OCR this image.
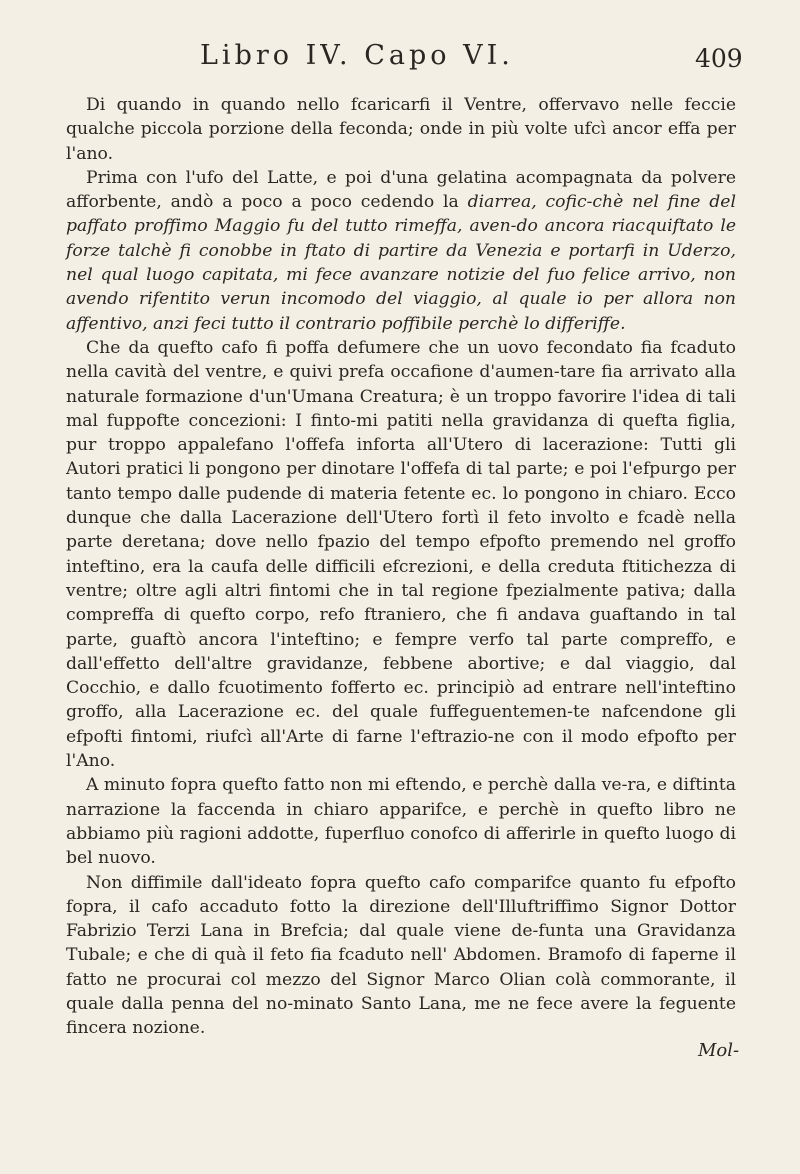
Libro IV. Capo VI.	409

Di quando in quando nello fcaricarfi il Ventre, offervavo nelle feccie qualche piccola porzione della feconda; onde in più volte ufcì ancor effa per l'ano.

Prima con l'ufo del Latte, e poi d'una gelatina acompagnata da polvere afforbente, andò a poco a poco cedendo la diarrea, cofic-chè nel fine del paffato proffimo Maggio fu del tutto rimeffa, aven-do ancora riacquiftato le forze talchè fi conobbe in ftato di partire da Venezia e portarfi in Uderzo, nel qual luogo capitata, mi fece avanzare notizie del fuo felice arrivo, non avendo rifentito verun incomodo del viaggio, al quale io per allora non affentivo, anzi feci tutto il contrario poffibile perchè lo differiffe.

Che da quefto cafo fi poffa defumere che un uovo fecondato fia fcaduto nella cavità del ventre, e quivi prefa occafione d'aumen-tare fia arrivato alla naturale formazione d'un'Umana Creatura; è un troppo favorire l'idea di tali mal fuppofte concezioni: I finto-mi patiti nella gravidanza di quefta figlia, pur troppo appalefano l'offefa inforta all'Utero di lacerazione: Tutti gli Autori pratici li pongono per dinotare l'offefa di tal parte; e poi l'efpurgo per tanto tempo dalle pudende di materia fetente ec. lo pongono in chiaro. Ecco dunque che dalla Lacerazione dell'Utero fortì il feto involto e fcadè nella parte deretana; dove nello fpazio del tempo efpofto premendo nel groffo inteftino, era la caufa delle difficili efcrezioni, e della creduta ftitichezza di ventre; oltre agli altri fintomi che in tal regione fpezialmente pativa; dalla compreffa di quefto corpo, refo ftraniero, che fi andava guaftando in tal parte, guaftò ancora l'inteftino; e fempre verfo tal parte compreffo, e dall'effetto dell'altre gravidanze, febbene abortive; e dal viaggio, dal Cocchio, e dallo fcuotimento fofferto ec. principiò ad entrare nell'inteftino groffo, alla Lacerazione ec. del quale fuffeguentemen-te nafcendone gli efpofti fintomi, riufcì all'Arte di farne l'eftrazio-ne con il modo efpofto per l'Ano.

A minuto fopra quefto fatto non mi eftendo, e perchè dalla ve-ra, e diftinta narrazione la faccenda in chiaro apparifce, e perchè in quefto libro ne abbiamo più ragioni addotte, fuperfluo conofco di afferirle in quefto luogo di bel nuovo.

Non diffimile dall'ideato fopra quefto cafo comparifce quanto fu efpofto fopra, il cafo accaduto fotto la direzione dell'Illuftriffimo Signor Dottor Fabrizio Terzi Lana in Brefcia; dal quale viene de-funta una Gravidanza Tubale; e che di quà il feto fia fcaduto nell' Abdomen. Bramofo di faperne il fatto ne procurai col mezzo del Signor Marco Olian colà commorante, il quale dalla penna del no-minato Santo Lana, me ne fece avere la feguente fincera nozione.

Mol-
